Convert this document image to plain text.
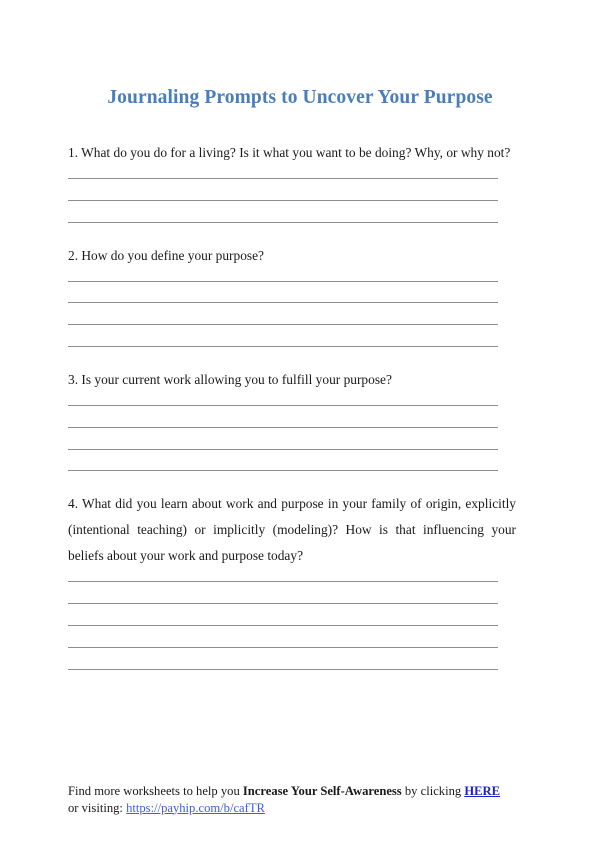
Journaling Prompts to Uncover Your Purpose

1. What do you do for a living? Is it what you want to be doing? Why, or why not?

2. How do you define your purpose?

3. Is your current work allowing you to fulfill your purpose?

4. What did you learn about work and purpose in your family of origin, explicitly (intentional teaching) or implicitly (modeling)? How is that influencing your beliefs about your work and purpose today?

Find more worksheets to help you Increase Your Self-Awareness by clicking HERE or visiting: https://payhip.com/b/cafTR
